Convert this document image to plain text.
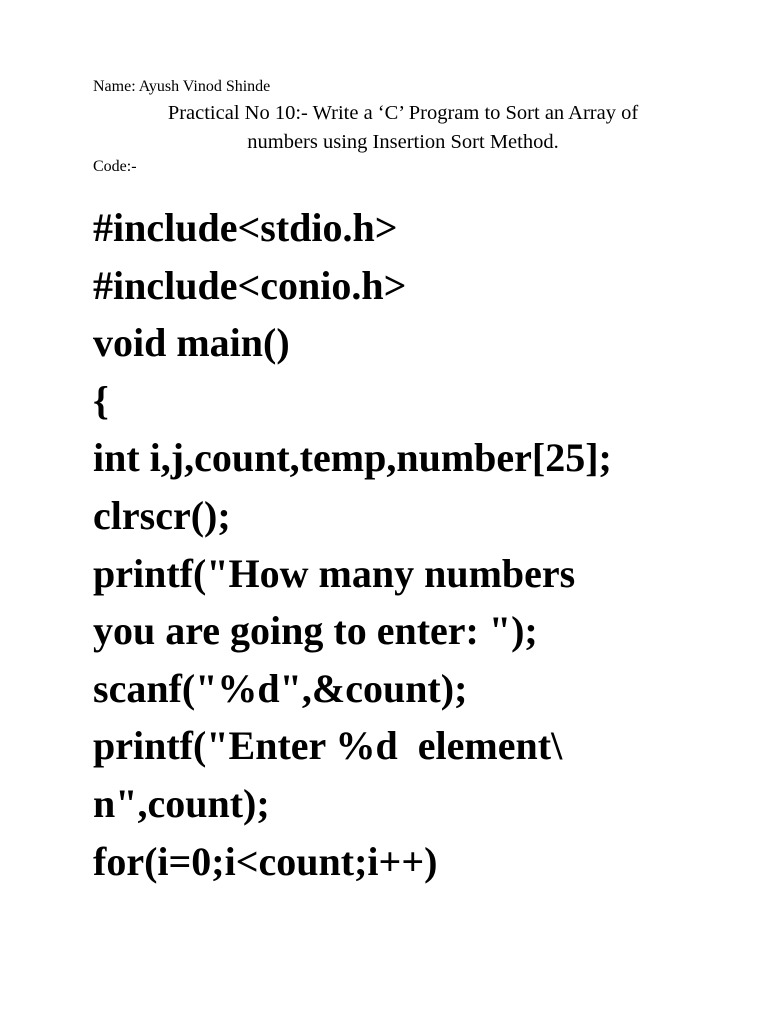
Name: Ayush Vinod Shinde
Practical No 10:- Write a ‘C’ Program to Sort an Array of
numbers using Insertion Sort Method.
Code:-
#include<stdio.h>
#include<conio.h>
void main()
{
int i,j,count,temp,number[25];
clrscr();
printf("How many numbers
you are going to enter: ");
scanf("%d",&count);
printf("Enter %d  element\
n",count);
for(i=0;i<count;i++)
